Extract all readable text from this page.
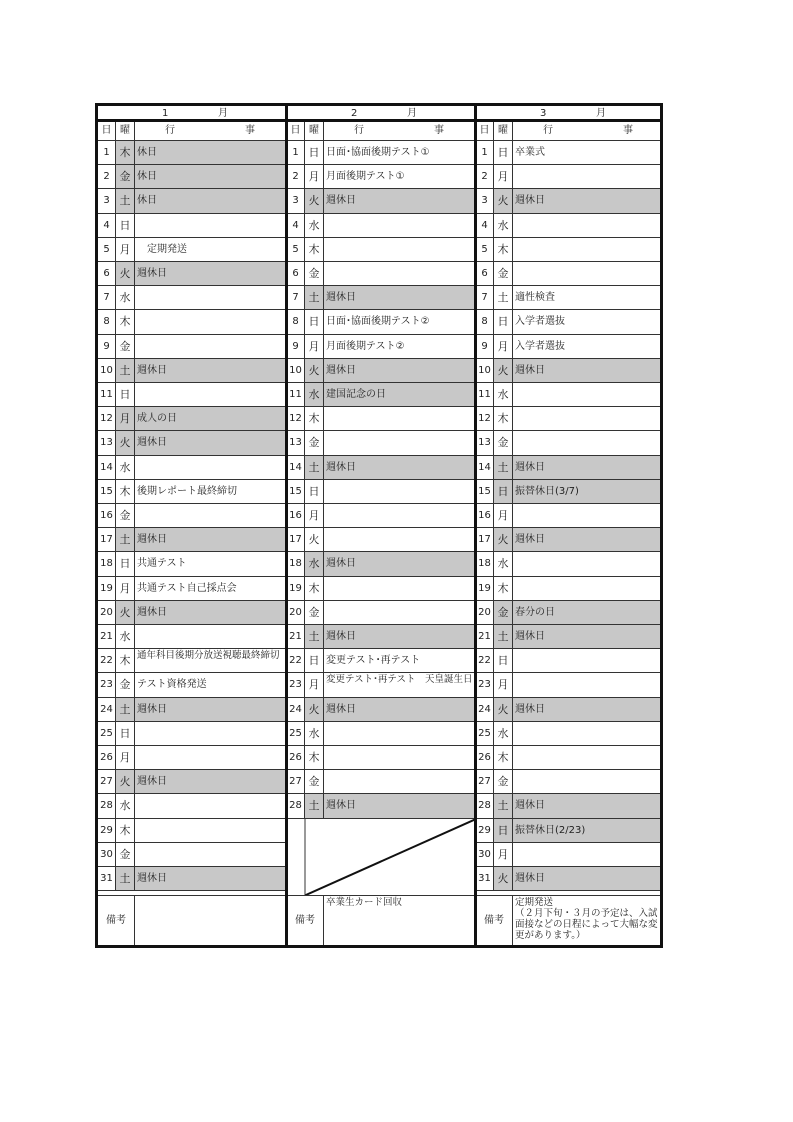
1	月
日 曜	行	事
1 木 休日
2 金 休日
3 土 休日
4 日
5 月 　定期発送
6 火 週休日
7 水
8 木
9 金
10 土 週休日
11 日
12 月 成人の日
13 火 週休日
14 水
15 木 後期レポート最終締切
16 金
17 土 週休日
18 日 共通テスト
19 月 共通テスト自己採点会
20 火 週休日
21 水
22 木 通年科目後期分放送視聴最終締切
23 金 テスト資格発送
24 土 週休日
25 日
26 月
27 火 週休日
28 水
29 木
30 金
31 土 週休日
備考
2	月
日 曜	行	事
1 日 日面･協面後期テスト①
2 月 月面後期テスト①
3 火 週休日
4 水
5 木
6 金
7 土 週休日
8 日 日面･協面後期テスト②
9 月 月面後期テスト②
10 火 週休日
11 水 建国記念の日
12 木
13 金
14 土 週休日
15 日
16 月
17 火
18 水 週休日
19 木
20 金
21 土 週休日
22 日 変更テスト･再テスト
23 月 変更テスト･再テスト　天皇誕生日
24 火 週休日
25 水
26 木
27 金
28 土 週休日
備考
卒業生カード回収
3	月
日 曜	行	事
1 日 卒業式
2 月
3 火 週休日
4 水
5 木
6 金
7 土 適性検査
8 日 入学者選抜
9 月 入学者選抜
10 火 週休日
11 水
12 木
13 金
14 土 週休日
15 日 振替休日(3/7)
16 月
17 火 週休日
18 水
19 木
20 金 春分の日
21 土 週休日
22 日
23 月
24 火 週休日
25 水
26 木
27 金
28 土 週休日
29 日 振替休日(2/23)
30 月
31 火 週休日
備考
定期発送
（２月下旬・３月の予定は、入試面接などの日程によって大幅な変更があります。）
